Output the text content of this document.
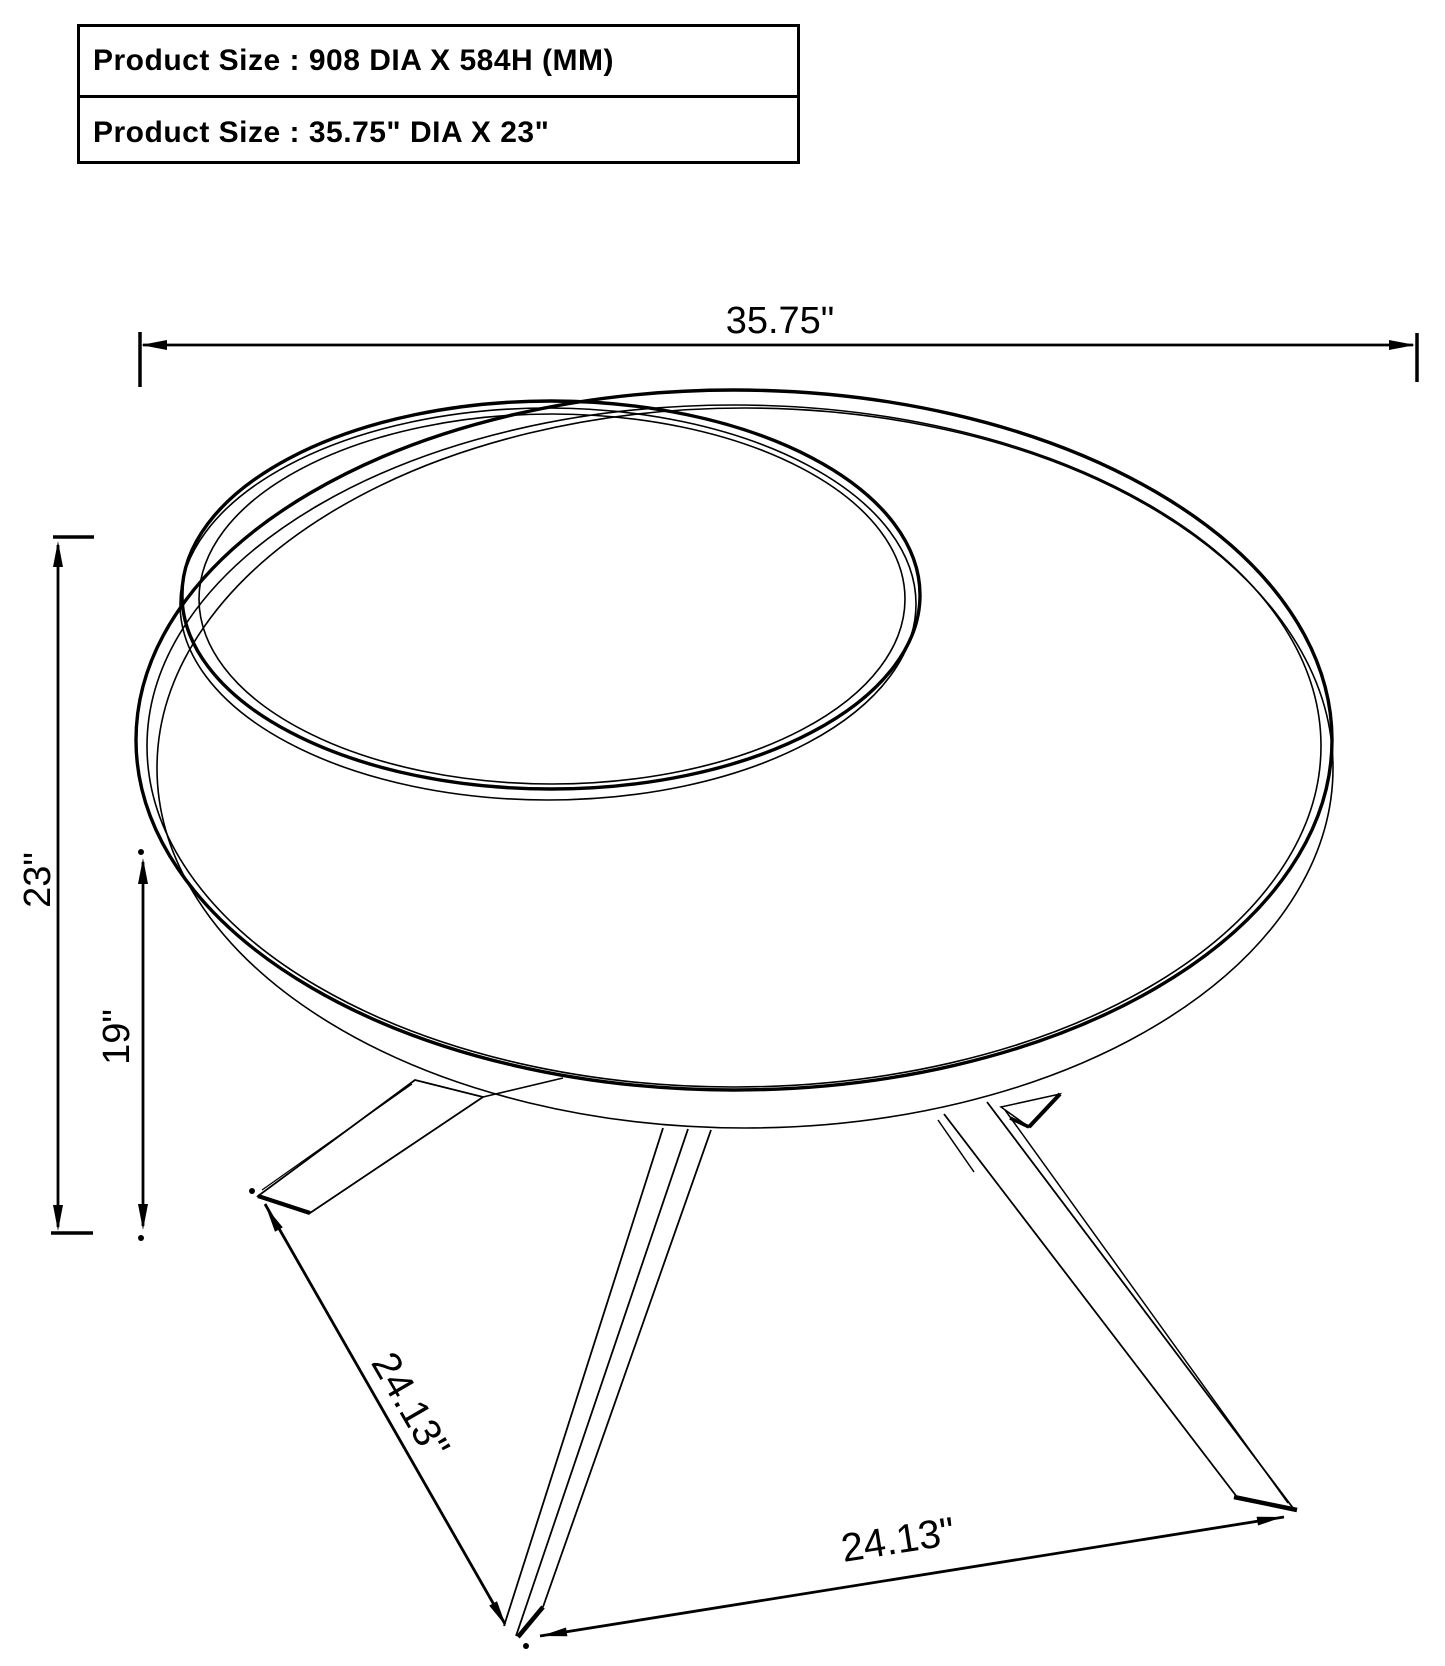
35.75"
23"
19"
24.13"
24.13"
Product Size : 908 DIA X 584H (MM)
Product Size : 35.75" DIA X 23"
